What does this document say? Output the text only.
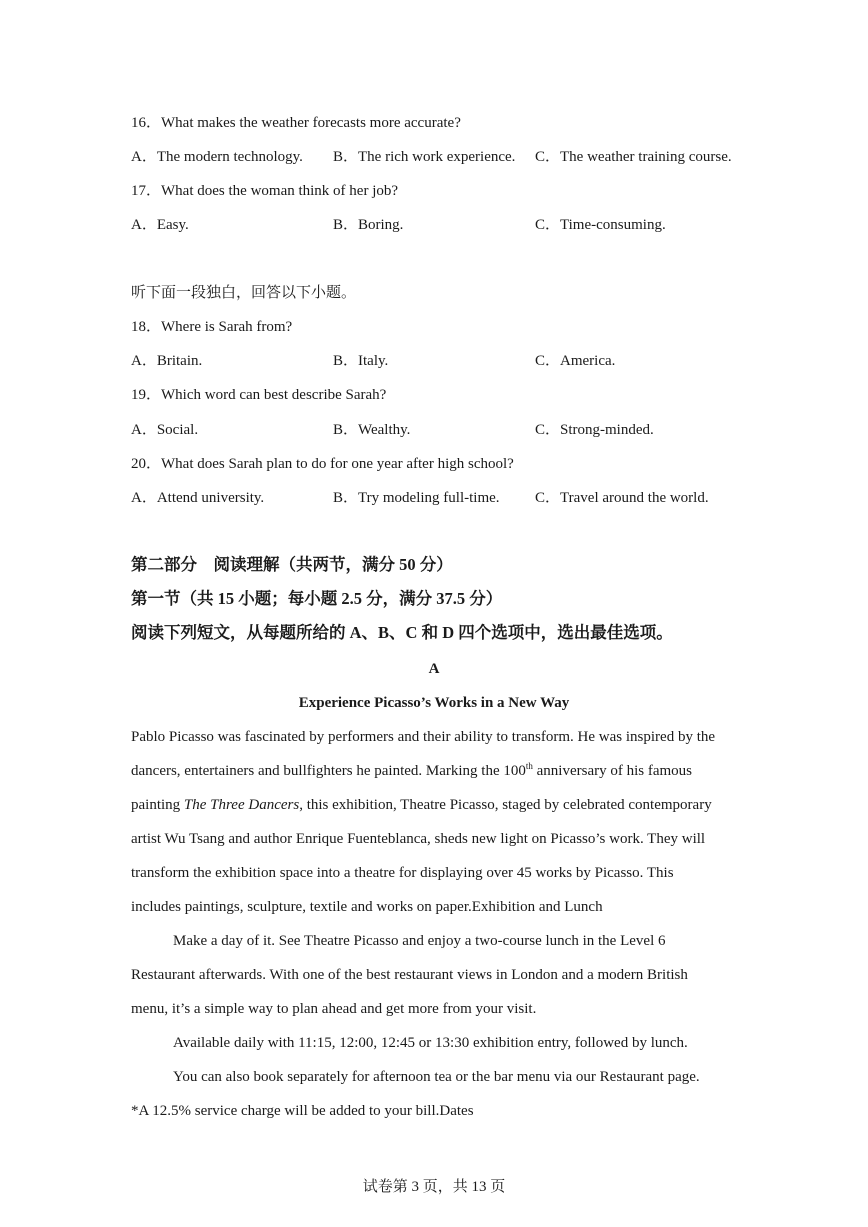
16．What makes the weather forecasts more accurate?
A．The modern technology. B．The rich work experience. C．The weather training course.
17．What does the woman think of her job?
A．Easy.	B．Boring.	C．Time-consuming.
听下面一段独白，回答以下小题。
18．Where is Sarah from?
A．Britain.	B．Italy.	C．America.
19．Which word can best describe Sarah?
A．Social.	B．Wealthy.	C．Strong-minded.
20．What does Sarah plan to do for one year after high school?
A．Attend university.	B．Try modeling full-time. C．Travel around the world.
第二部分　阅读理解（共两节，满分 50 分）
第一节（共 15 小题；每小题 2.5 分，满分 37.5 分）
阅读下列短文，从每题所给的 A、B、C 和 D 四个选项中，选出最佳选项。
A
Experience Picasso’s Works in a New Way
Pablo Picasso was fascinated by performers and their ability to transform. He was inspired by the
dancers, entertainers and bullfighters he painted. Marking the 100th anniversary of his famous
painting The Three Dancers, this exhibition, Theatre Picasso, staged by celebrated contemporary
artist Wu Tsang and author Enrique Fuenteblanca, sheds new light on Picasso’s work. They will
transform the exhibition space into a theatre for displaying over 45 works by Picasso. This
includes paintings, sculpture, textile and works on paper.Exhibition and Lunch
Make a day of it. See Theatre Picasso and enjoy a two-course lunch in the Level 6
Restaurant afterwards. With one of the best restaurant views in London and a modern British
menu, it’s a simple way to plan ahead and get more from your visit.
Available daily with 11:15, 12:00, 12:45 or 13:30 exhibition entry, followed by lunch.
You can also book separately for afternoon tea or the bar menu via our Restaurant page.
*A 12.5% service charge will be added to your bill.Dates
试卷第 3 页，共 13 页
